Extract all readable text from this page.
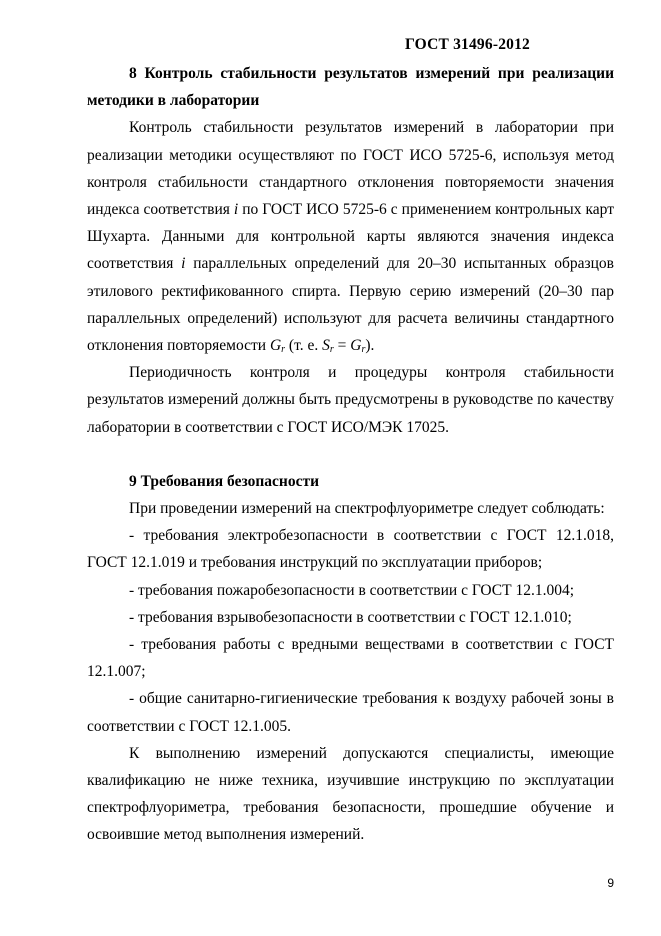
ГОСТ 31496-2012

8 Контроль стабильности результатов измерений при реализации методики в лаборатории

Контроль стабильности результатов измерений в лаборатории при реализации методики осуществляют по ГОСТ ИСО 5725-6, используя метод контроля стабильности стандартного отклонения повторяемости значения индекса соответствия i по ГОСТ ИСО 5725-6 с применением контрольных карт Шухарта. Данными для контрольной карты являются значения индекса соответствия i параллельных определений для 20–30 испытанных образцов этилового ректификованного спирта. Первую серию измерений (20–30 пар параллельных определений) используют для расчета величины стандартного отклонения повторяемости $G_r$ (т. е. $S_r = G_r$).

Периодичность контроля и процедуры контроля стабильности результатов измерений должны быть предусмотрены в руководстве по качеству лаборатории в соответствии с ГОСТ ИСО/МЭК 17025.

9 Требования безопасности

При проведении измерений на спектрофлуориметре следует соблюдать:

- требования электробезопасности в соответствии с ГОСТ 12.1.018, ГОСТ 12.1.019 и требования инструкций по эксплуатации приборов;

- требования пожаробезопасности в соответствии с ГОСТ 12.1.004;

- требования взрывобезопасности в соответствии с ГОСТ 12.1.010;

- требования работы с вредными веществами в соответствии с ГОСТ 12.1.007;

- общие санитарно-гигиенические требования к воздуху рабочей зоны в соответствии с ГОСТ 12.1.005.

К выполнению измерений допускаются специалисты, имеющие квалификацию не ниже техника, изучившие инструкцию по эксплуатации спектрофлуориметра, требования безопасности, прошедшие обучение и освоившие метод выполнения измерений.

9
